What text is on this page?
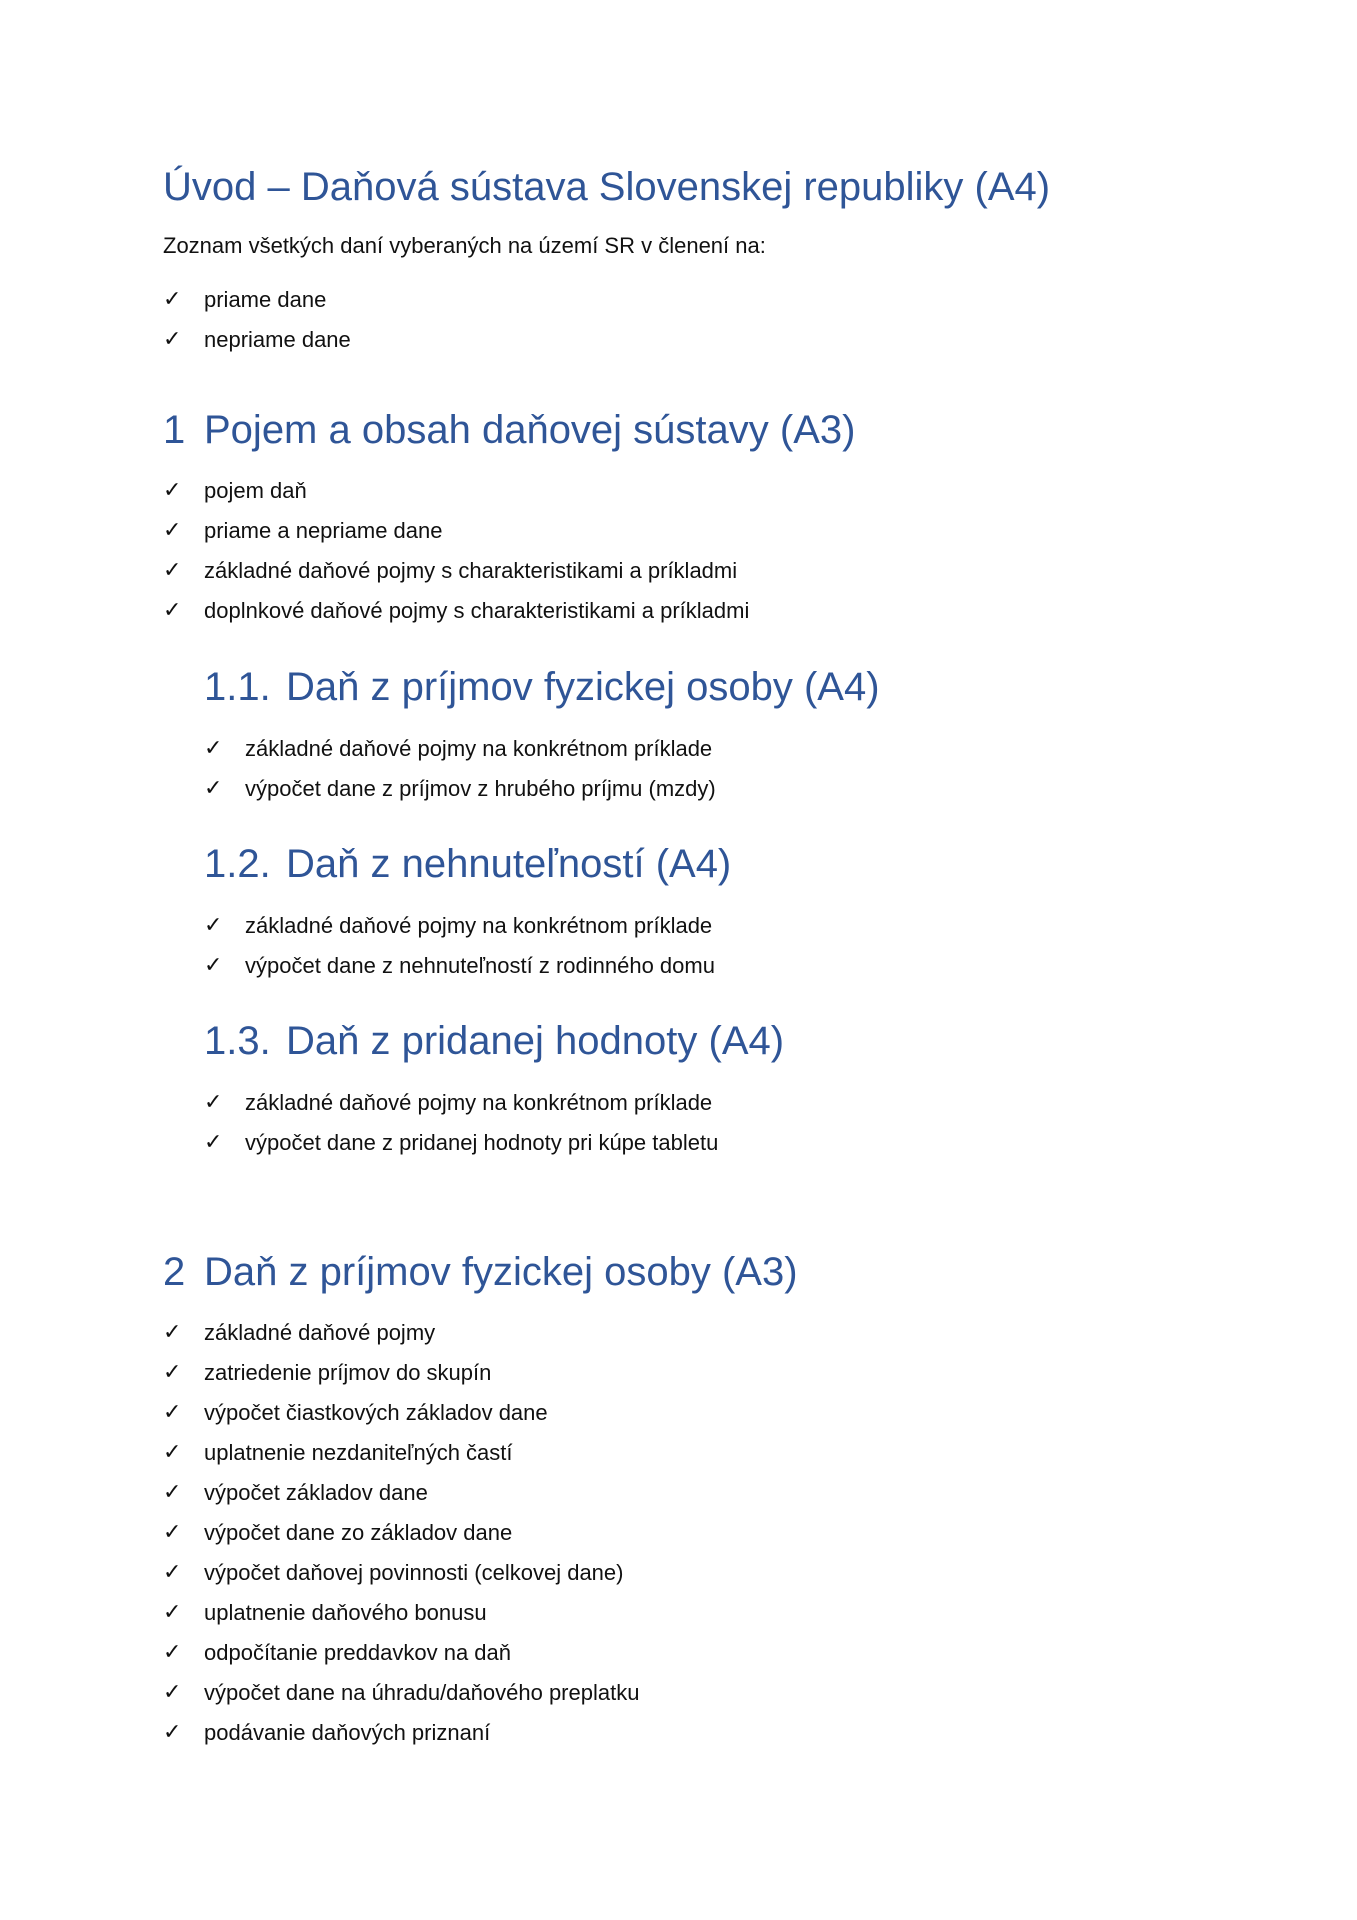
Úvod – Daňová sústava Slovenskej republiky (A4)

Zoznam všetkých daní vyberaných na území SR v členení na:

✓ priame dane
✓ nepriame dane
1 Pojem a obsah daňovej sústavy (A3)
✓ pojem daň
✓ priame a nepriame dane
✓ základné daňové pojmy s charakteristikami a príkladmi
✓ doplnkové daňové pojmy s charakteristikami a príkladmi
1.1. Daň z príjmov fyzickej osoby (A4)
✓ základné daňové pojmy na konkrétnom príklade
✓ výpočet dane z príjmov z hrubého príjmu (mzdy)
1.2. Daň z nehnuteľností (A4)
✓ základné daňové pojmy na konkrétnom príklade
✓ výpočet dane z nehnuteľností z rodinného domu
1.3. Daň z pridanej hodnoty (A4)
✓ základné daňové pojmy na konkrétnom príklade
✓ výpočet dane z pridanej hodnoty pri kúpe tabletu
2 Daň z príjmov fyzickej osoby (A3)
✓ základné daňové pojmy
✓ zatriedenie príjmov do skupín
✓ výpočet čiastkových základov dane
✓ uplatnenie nezdaniteľných častí
✓ výpočet základov dane
✓ výpočet dane zo základov dane
✓ výpočet daňovej povinnosti (celkovej dane)
✓ uplatnenie daňového bonusu
✓ odpočítanie preddavkov na daň
✓ výpočet dane na úhradu/daňového preplatku
✓ podávanie daňových priznaní
